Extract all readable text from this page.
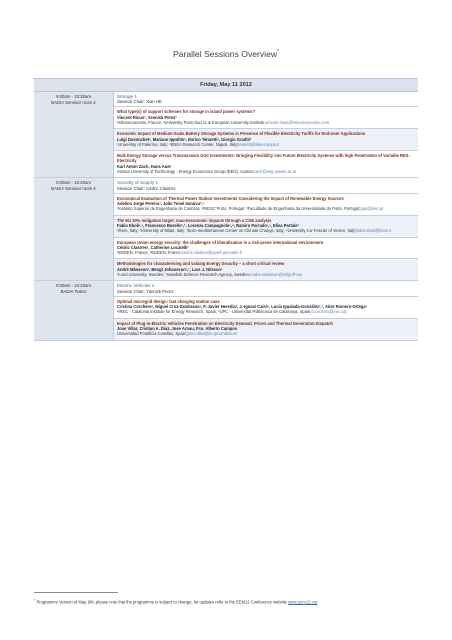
Parallel Sessions Overview*
Friday, May 11 2012
9:00am - 10:30am
BADIA Seminar room 2
Storage 1
Session Chair: Xian HE
What type(s) of support schemes for storage in island power systems?
Vincent Rious¹, Yannick Perez²
¹Microeconomix, France; ²University Paris-Sud 11 & European University Institute;vincent.rious@microeconomix.com
Economic Impact of Medium-Scale Battery Storage Systems in Presence of Flexible Electricity Tariffs for End-User Applications
Luigi Dusonchet¹, Mariano Ippolito¹, Enrico Telaretti¹, Giorgio Graditi²
¹University of Palermo, Italy; ²ENEA Research Center, Napoli, Italy;telaretti@dieet.unipa.it
Bulk Energy Storage versus Transmission Grid Investments: Bringing Flexibility into Future Electricity Systems with high Penetration of Variable RES-Electricity
Karl Anton Zach, Hans Auer
Vienna University of Technology - Energy Economics Group (EEG), Austria;zach@eeg.tuwien.ac.at
9:00am - 10:30am
BADIA Seminar room 4
Security of Supply 1
Session Chair: Cédric Clastres
Economical Evaluation of Thermal Power Station Investments Considering the Impact of Renewable Energy Sources
Adelino Jorge Pereira¹, João Tomé Saraiva²,³
¹Instituto Superior de Engenharia de Coimbra; ²INESC Porto, Portugal; ³Faculdade de Engenharia da Universidade do Porto, Portugal;apa@isec.pt
The EU 30% mitigation target: macroeconomic impacts through a CGE analysis
Fabio Eboli¹,³, Francesco Bosello¹,², Lorenza Campagnolo³,⁴, Ramiro Parrado¹,³, Elisa Portale¹
¹feem, Italy; ²University of Milan, Italy; ³Euro-mediterranean Center on Climate Change, Italy; ⁴University Ca' Foscari of Venice, Italy;fabio.eboli@feem.it
European Union energy security: the challenges of liberalisation in a risk-prone international environment
Cédric Clastres¹, Catherine Locatelli²
¹EDDEN, France; ²EDDEN, France;cedric.clastres@upmf-grenoble.fr
Methodologies for characterising and valuing Energy Security – a short critical review
André Månsson¹, Bengt Johansson¹,², Lars J. Nilsson¹
¹Lund University, Sweden; ²Swedish Defence Research Agency, Sweden;Andre.Mansson@miljo.lth.se
9:00am - 10:30am
BADIA Teatro
Electric Vehicles 1
Session Chair: Yannick Perez
Optimal microgrid design: fast charging station case
Cristina Corchero¹, Miguel Cruz-Zambrano¹, F.-Javier Heredia², J.-Ignasi Cairó¹, Lucía Igualada-González¹,², Aitor Romero-Ortega¹
¹IREC - Catalonia Institute for Energy Research, Spain; ²UPC - Universitat Politècnica de Catalunya, Spain;ccorchero@irec.cat
Impact of Plug-in-Electric Vehicles Penetration on Electricity Demand, Prices and Thermal Generation Dispatch
Jose Villar, Cristian A. Diaz, Jose Arnau, Fco. Alberto Campos
Universidad Pontificia Comillas, Spain;jose.villar@iit.upcomillas.es
* Programme Version of May, 9th, please note that the programme is subject to change, for updates refer to the EEM12 Conference website www.eem12.org
